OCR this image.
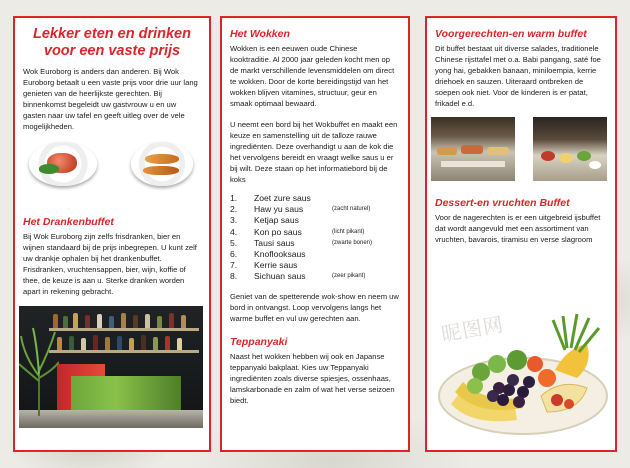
Lekker eten en drinken voor een vaste prijs

Wok Euroborg is anders dan anderen. Bij Wok Euroborg betaalt u een vaste prijs voor drie uur lang genieten van de heerlijkste gerechten. Bij binnenkomst begeleidt uw gastvrouw u en uw gasten naar uw tafel en geeft uitleg over de vele mogelijkheden.

Het Drankenbuffet

Bij Wok Euroborg zijn zelfs frisdranken, bier en wijnen standaard bij de prijs inbegrepen. U kunt zelf uw drankje ophalen bij het drankenbuffet. Frisdranken, vruchtensappen, bier, wijn, koffie of thee, de keuze is aan u. Sterke dranken worden apart in rekening gebracht.

Het Wokken

Wokken is een eeuwen oude Chinese kooktraditie. Al 2000 jaar geleden kocht men op de markt verschillende levensmiddelen om direct te wokken. Door de korte bereidingstijd van het wokken blijven vitamines, structuur, geur en smaak optimaal bewaard.

U neemt een bord bij het Wokbuffet en maakt een keuze en samenstelling uit de talloze rauwe ingrediënten. Deze overhandigt u aan de kok die het vervolgens bereidt en vraagt welke saus u er bij wilt. Deze staan op het informatiebord bij de koks

1.	Zoet zure saus
2.	Haw yu saus	(zacht naturel)
3.	Ketjap saus
4.	Kon po saus	(licht pikant)
5.	Tausi saus	(zwarte bonen)
6.	Knoflooksaus
7.	Kerrie saus
8.	Sichuan saus	(zeer pikant)

Geniet van de spetterende wok-show en neem uw bord in ontvangst. Loop vervolgens langs het warme buffet en vul uw gerechten aan.

Teppanyaki

Naast het wokken hebben wij ook en Japanse teppanyaki bakplaat. Kies uw Teppanyaki ingrediënten zoals diverse spiesjes, ossenhaas, lamskarbonade en zalm of wat het verse seizoen biedt.

Voorgerechten-en warm buffet

Dit buffet bestaat uit diverse salades, traditionele Chinese rijsttafel met o.a. Babi pangang, saté foe yong hai, gebakken banaan, miniloempia, kerrie driehoek en sauzen. Uiteraard ontbreken de soepen ook niet. Voor de kinderen is er patat, frikadel e.d.

Dessert-en vruchten Buffet

Voor de nagerechten is er een uitgebreid ijsbuffet dat wordt aangevuld met een assortiment van vruchten, bavarois, tiramisu en verse slagroom

昵图网
